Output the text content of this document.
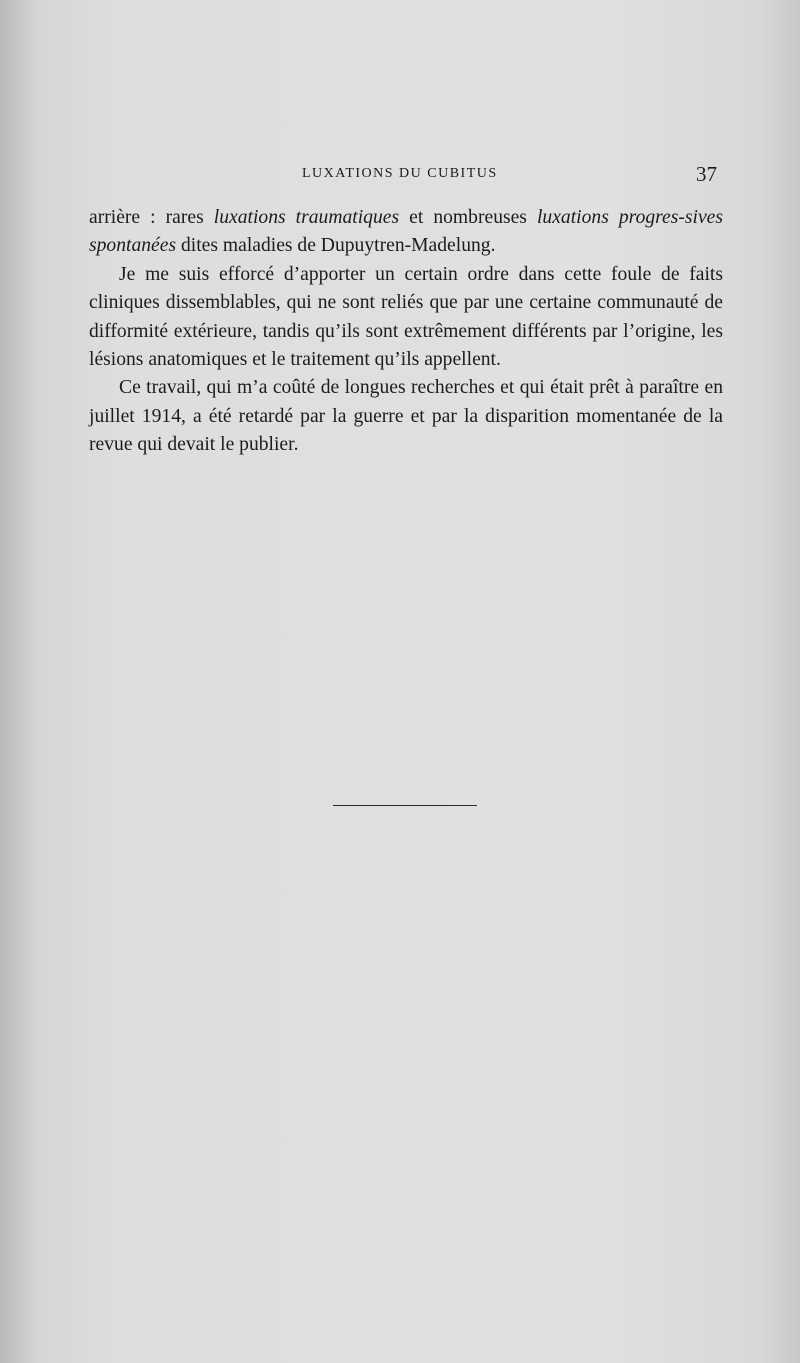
LUXATIONS DU CUBITUS	37

arrière : rares luxations traumatiques et nombreuses luxations progres-sives spontanées dites maladies de Dupuytren-Madelung.

Je me suis efforcé d’apporter un certain ordre dans cette foule de faits cliniques dissemblables, qui ne sont reliés que par une certaine communauté de difformité extérieure, tandis qu’ils sont extrêmement différents par l’origine, les lésions anatomiques et le traitement qu’ils appellent.

Ce travail, qui m’a coûté de longues recherches et qui était prêt à paraître en juillet 1914, a été retardé par la guerre et par la disparition momentanée de la revue qui devait le publier.
